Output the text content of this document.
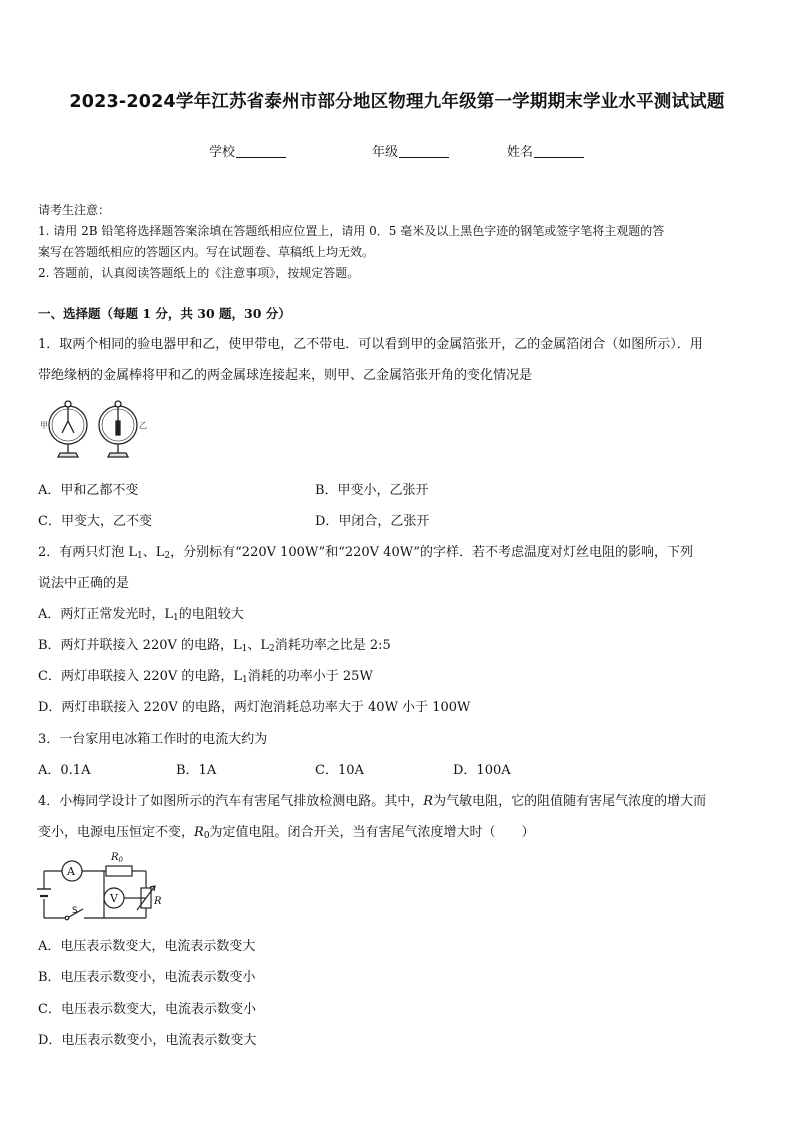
2023-2024学年江苏省泰州市部分地区物理九年级第一学期期末学业水平测试试题
学校	年级	姓名
请考生注意：
1. 请用 2B 铅笔将选择题答案涂填在答题纸相应位置上，请用 0．5 毫米及以上黑色字迹的钢笔或签字笔将主观题的答
案写在答题纸相应的答题区内。写在试题卷、草稿纸上均无效。
2. 答题前，认真阅读答题纸上的《注意事项》，按规定答题。
一、选择题（每题 1 分，共 30 题，30 分）
1．取两个相同的验电器甲和乙，使甲带电，乙不带电．可以看到甲的金属箔张开，乙的金属箔闭合（如图所示）．用
带绝缘柄的金属棒将甲和乙的两金属球连接起来，则甲、乙金属箔张开角的变化情况是
甲	乙
A．甲和乙都不变	B．甲变小，乙张开
C．甲变大，乙不变	D．甲闭合，乙张开
2．有两只灯泡 $L_1$、$L_2$，分别标有“220V 100W”和“220V 40W”的字样．若不考虑温度对灯丝电阻的影响，下列
说法中正确的是
A．两灯正常发光时，$L_1$的电阻较大
B．两灯并联接入 220V 的电路，$L_1$、$L_2$消耗功率之比是 2:5
C．两灯串联接入 220V 的电路，$L_1$消耗的功率小于 25W
D．两灯串联接入 220V 的电路，两灯泡消耗总功率大于 40W 小于 100W
3．一台家用电冰箱工作时的电流大约为
A．0.1A	B．1A	C．10A	D．100A
4．小梅同学设计了如图所示的汽车有害尾气排放检测电路。其中，R为气敏电阻，它的阻值随有害尾气浓度的增大而
变小，电源电压恒定不变，$R_0$为定值电阻。闭合开关，当有害尾气浓度增大时（　　）
A
V
$R_0$
R
S
A．电压表示数变大，电流表示数变大
B．电压表示数变小，电流表示数变小
C．电压表示数变大，电流表示数变小
D．电压表示数变小，电流表示数变大
